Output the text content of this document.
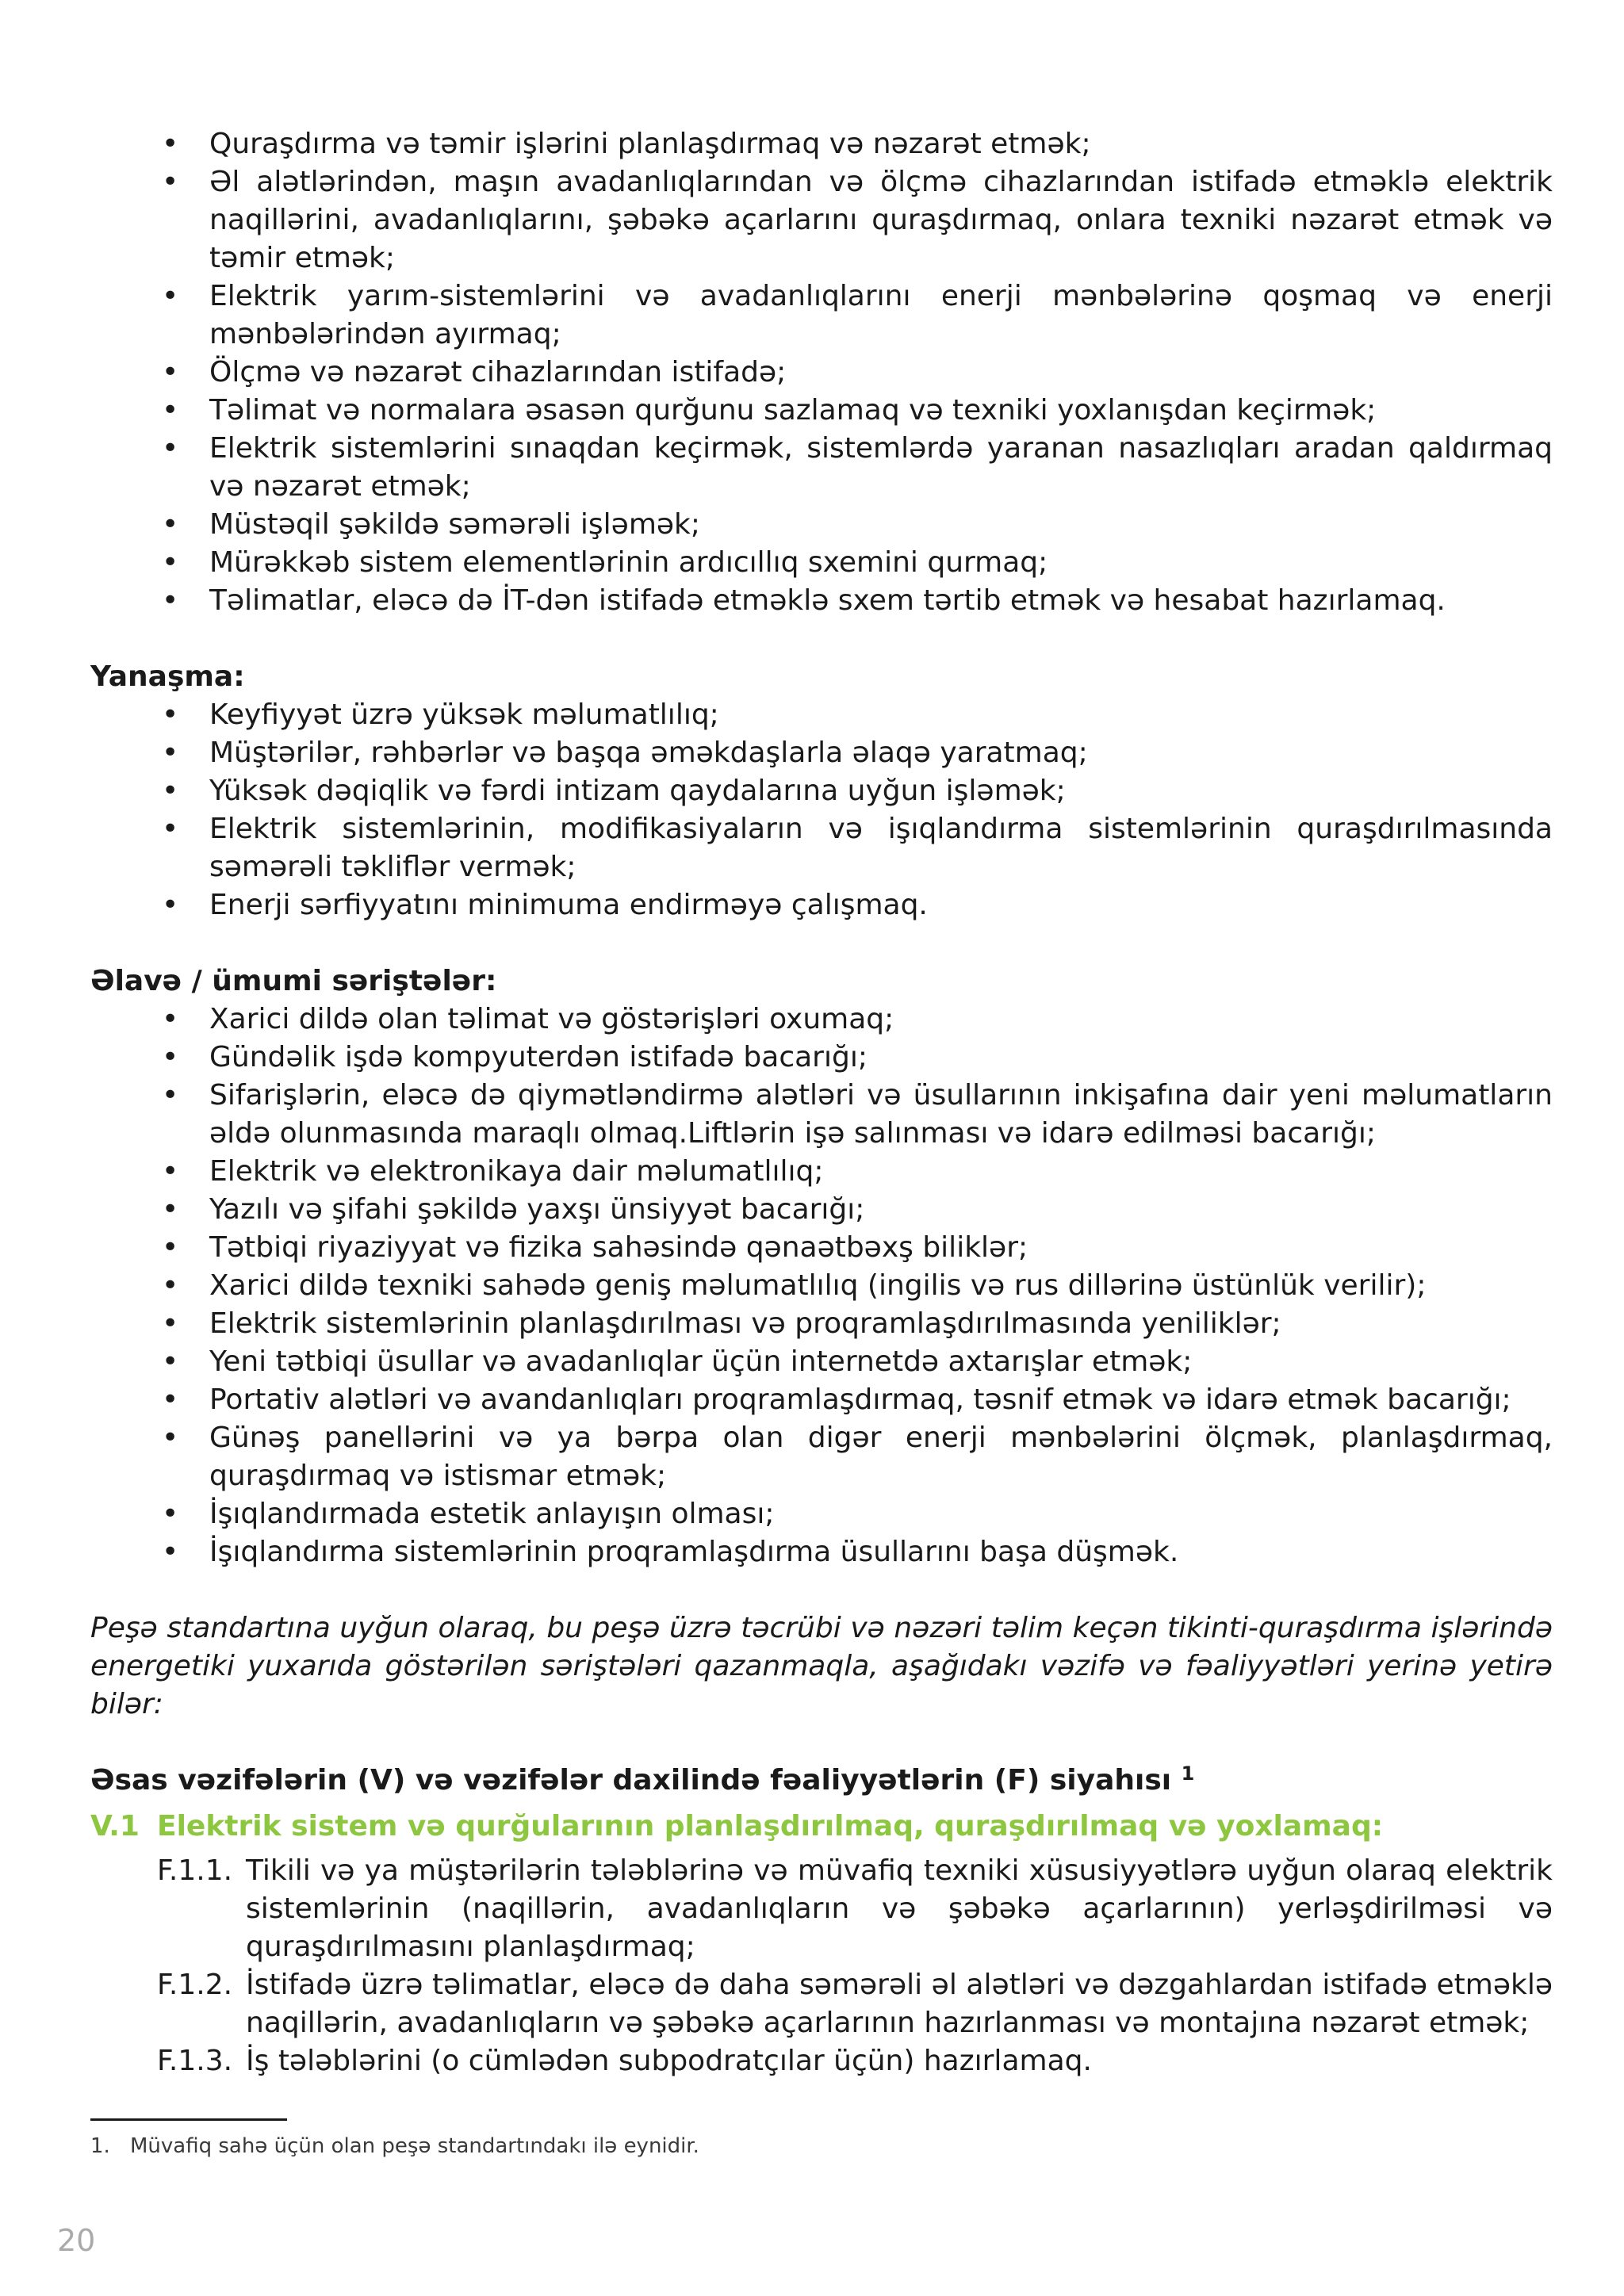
• Quraşdırma və təmir işlərini planlaşdırmaq və nəzarət etmək;
• Əl alətlərindən, maşın avadanlıqlarından və ölçmə cihazlarından istifadə etməklə elektrik naqillərini, avadanlıqlarını, şəbəkə açarlarını quraşdırmaq, onlara texniki nəzarət etmək və təmir etmək;
• Elektrik yarım-sistemlərini və avadanlıqlarını enerji mənbələrinə qoşmaq və enerji mənbələrindən ayırmaq;
• Ölçmə və nəzarət cihazlarından istifadə;
• Təlimat və normalara əsasən qurğunu sazlamaq və texniki yoxlanışdan keçirmək;
• Elektrik sistemlərini sınaqdan keçirmək, sistemlərdə yaranan nasazlıqları aradan qaldırmaq və nəzarət etmək;
• Müstəqil şəkildə səmərəli işləmək;
• Mürəkkəb sistem elementlərinin ardıcıllıq sxemini qurmaq;
• Təlimatlar, eləcə də İT-dən istifadə etməklə sxem tərtib etmək və hesabat hazırlamaq.
Yanaşma:
• Keyfiyyət üzrə yüksək məlumatlılıq;
• Müştərilər, rəhbərlər və başqa əməkdaşlarla əlaqə yaratmaq;
• Yüksək dəqiqlik və fərdi intizam qaydalarına uyğun işləmək;
• Elektrik sistemlərinin, modifikasiyaların və işıqlandırma sistemlərinin quraşdırılmasında səmərəli təkliflər vermək;
• Enerji sərfiyyatını minimuma endirməyə çalışmaq.
Əlavə / ümumi səriştələr:
• Xarici dildə olan təlimat və göstərişləri oxumaq;
• Gündəlik işdə kompyuterdən istifadə bacarığı;
• Sifarişlərin, eləcə də qiymətləndirmə alətləri və üsullarının inkişafına dair yeni məlumatların əldə olunmasında maraqlı olmaq.Liftlərin işə salınması və idarə edilməsi bacarığı;
• Elektrik və elektronikaya dair məlumatlılıq;
• Yazılı və şifahi şəkildə yaxşı ünsiyyət bacarığı;
• Tətbiqi riyaziyyat və fizika sahəsində qənaətbəxş biliklər;
• Xarici dildə texniki sahədə geniş məlumatlılıq (ingilis və rus dillərinə üstünlük verilir);
• Elektrik sistemlərinin planlaşdırılması və proqramlaşdırılmasında yeniliklər;
• Yeni tətbiqi üsullar və avadanlıqlar üçün internetdə axtarışlar etmək;
• Portativ alətləri və avandanlıqları proqramlaşdırmaq, təsnif etmək və idarə etmək bacarığı;
• Günəş panellərini və ya bərpa olan digər enerji mənbələrini ölçmək, planlaşdırmaq, quraşdırmaq və istismar etmək;
• İşıqlandırmada estetik anlayışın olması;
• İşıqlandırma sistemlərinin proqramlaşdırma üsullarını başa düşmək.
Peşə standartına uyğun olaraq, bu peşə üzrə təcrübi və nəzəri təlim keçən tikinti-quraşdırma işlərində energetiki yuxarıda göstərilən səriştələri qazanmaqla, aşağıdakı vəzifə və fəaliyyətləri yerinə yetirə bilər:
Əsas vəzifələrin (V) və vəzifələr daxilində fəaliyyətlərin (F) siyahısı $^1$
V.1 Elektrik sistem və qurğularının planlaşdırılmaq, quraşdırılmaq və yoxlamaq:
F.1.1. Tikili və ya müştərilərin tələblərinə və müvafiq texniki xüsusiyyətlərə uyğun olaraq elektrik sistemlərinin (naqillərin, avadanlıqların və şəbəkə açarlarının) yerləşdirilməsi və quraşdırılmasını planlaşdırmaq;
F.1.2. İstifadə üzrə təlimatlar, eləcə də daha səmərəli əl alətləri və dəzgahlardan istifadə etməklə naqillərin, avadanlıqların və şəbəkə açarlarının hazırlanması və montajına nəzarət etmək;
F.1.3. İş tələblərini (o cümlədən subpodratçılar üçün) hazırlamaq.
1. Müvafiq sahə üçün olan peşə standartındakı ilə eynidir.
20
